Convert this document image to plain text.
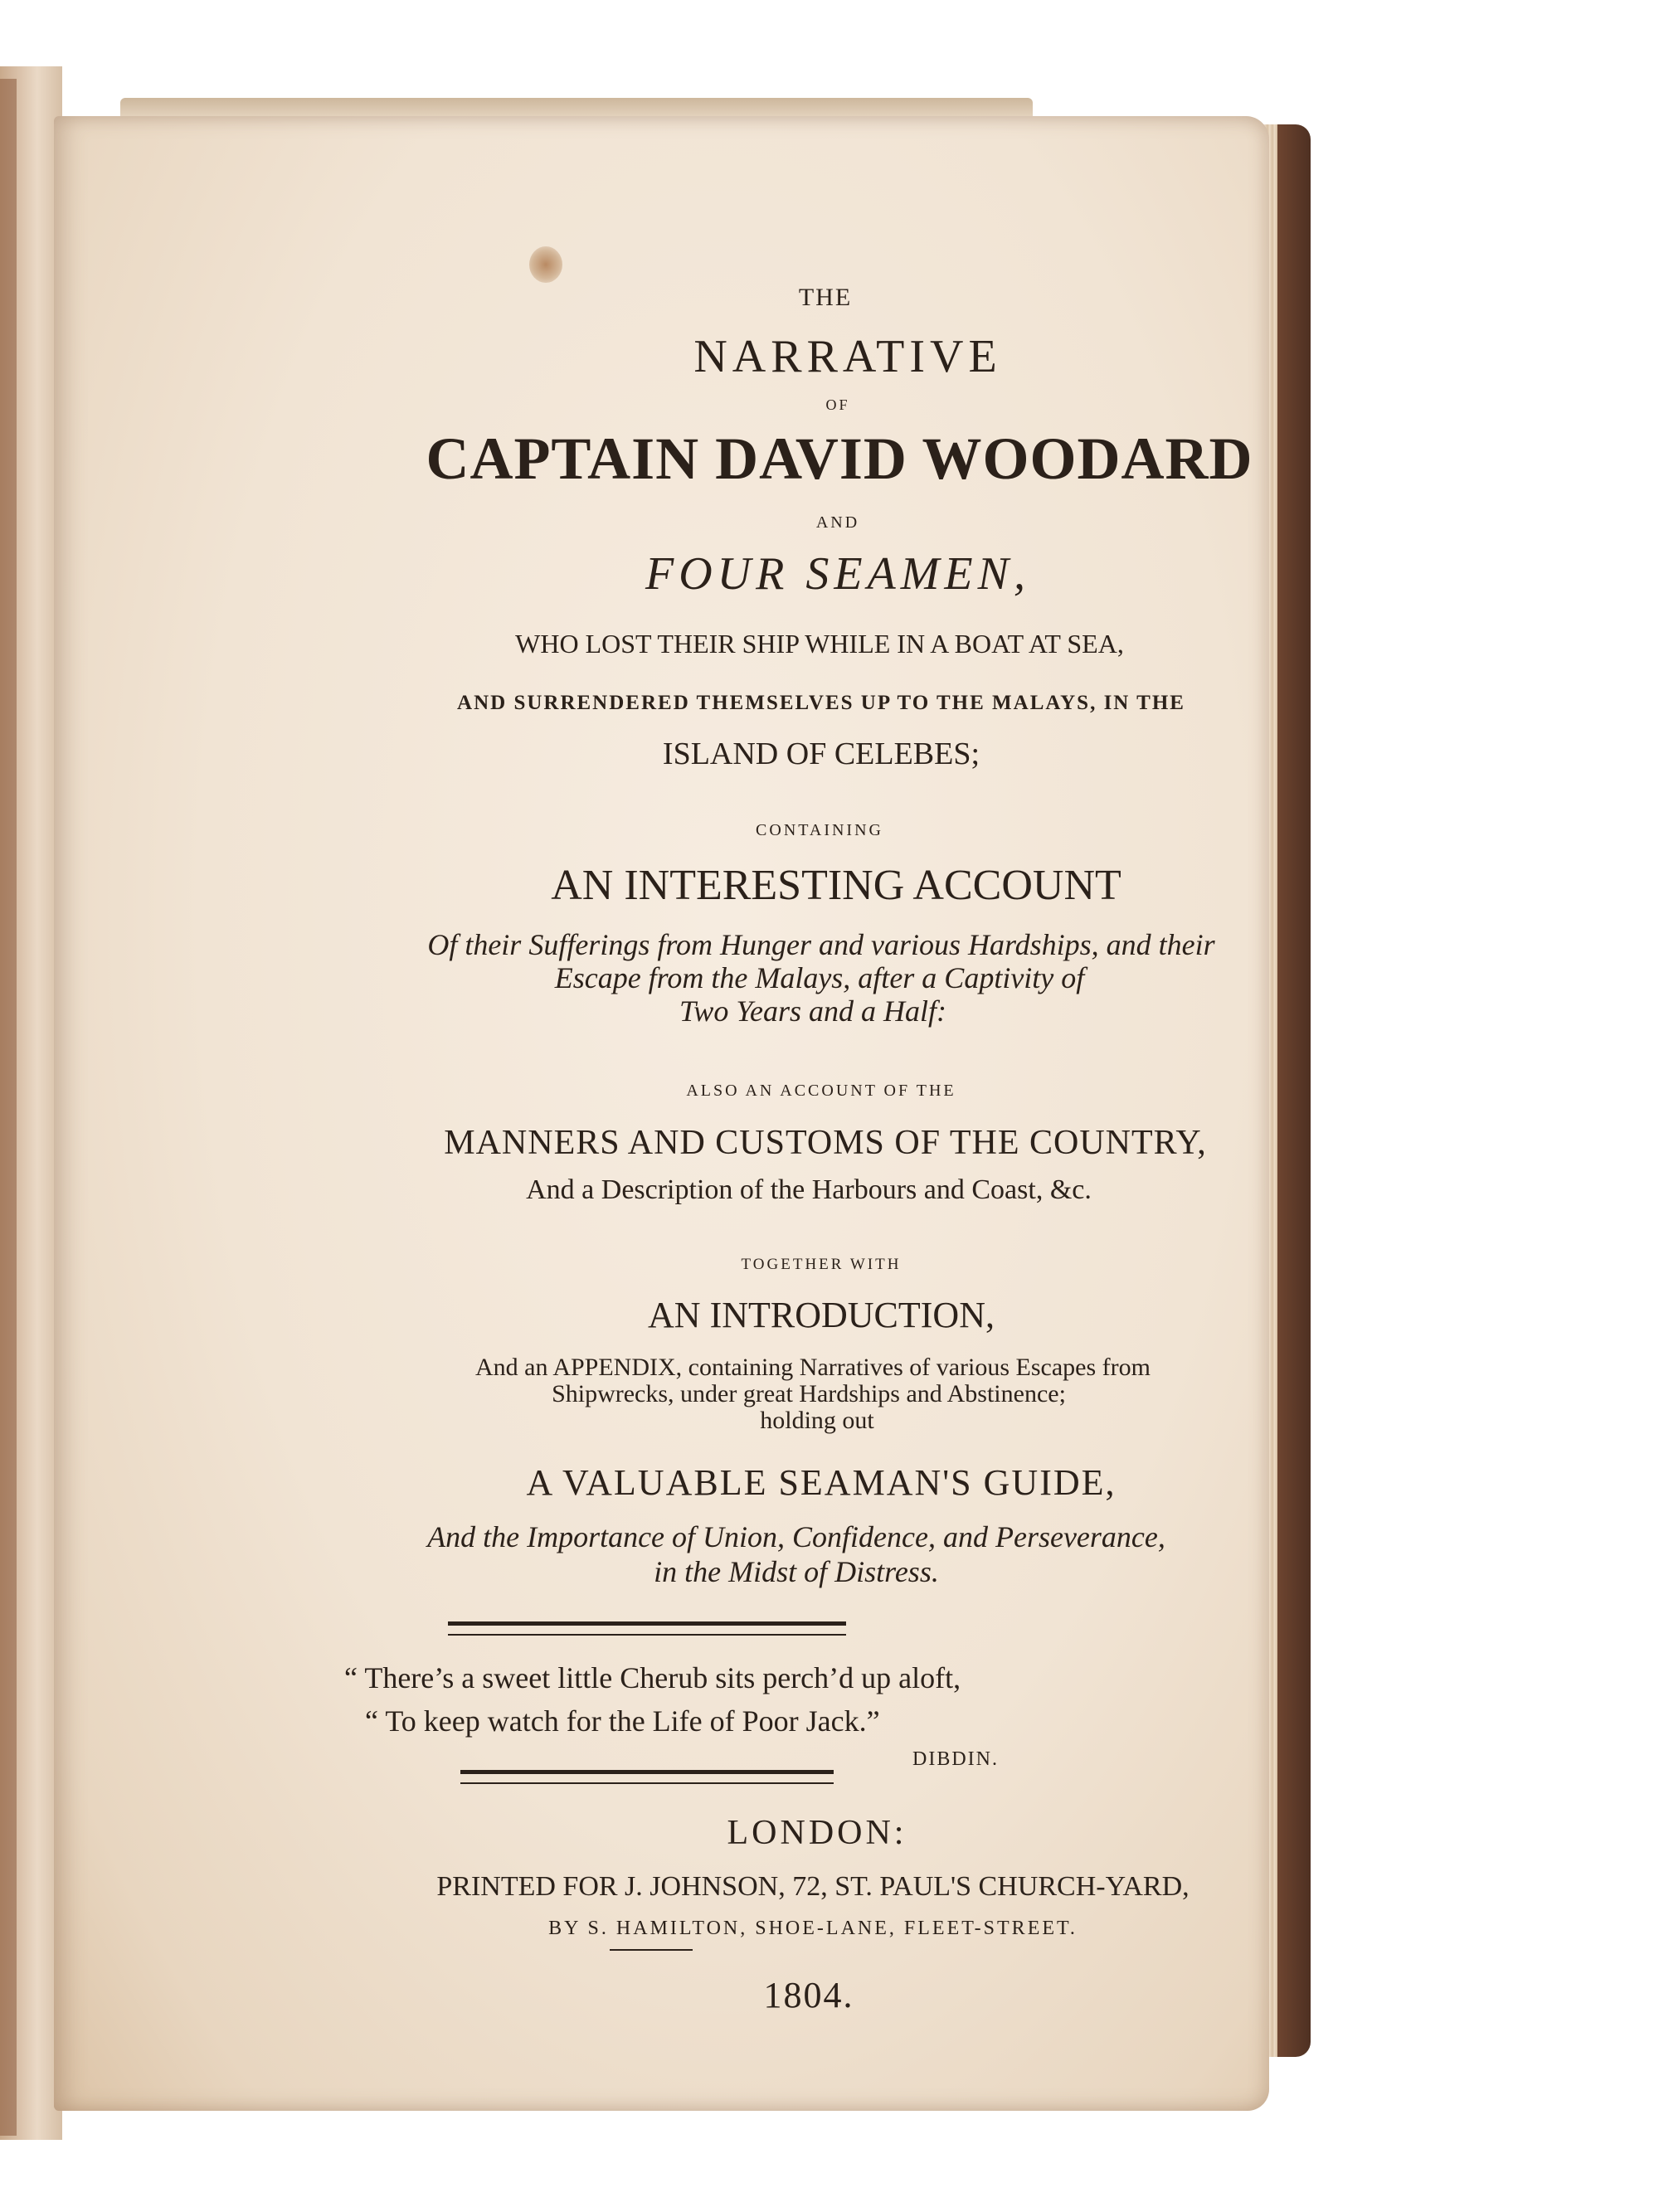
THE
NARRATIVE
OF
CAPTAIN DAVID WOODARD
AND
FOUR SEAMEN,
WHO LOST THEIR SHIP WHILE IN A BOAT AT SEA,
AND SURRENDERED THEMSELVES UP TO THE MALAYS, IN THE
ISLAND OF CELEBES;
CONTAINING
AN INTERESTING ACCOUNT
Of their Sufferings from Hunger and various Hardships, and their
Escape from the Malays, after a Captivity of
Two Years and a Half:
ALSO AN ACCOUNT OF THE
MANNERS AND CUSTOMS OF THE COUNTRY,
And a Description of the Harbours and Coast, &c.
TOGETHER WITH
AN INTRODUCTION,
And an APPENDIX, containing Narratives of various Escapes from
Shipwrecks, under great Hardships and Abstinence;
holding out
A VALUABLE SEAMAN'S GUIDE,
And the Importance of Union, Confidence, and Perseverance,
in the Midst of Distress.
“ There’s a sweet little Cherub sits perch’d up aloft,
“ To keep watch for the Life of Poor Jack.”
DIBDIN.
LONDON:
PRINTED FOR J. JOHNSON, 72, ST. PAUL'S CHURCH-YARD,
BY S. HAMILTON, SHOE-LANE, FLEET-STREET.
1804.
